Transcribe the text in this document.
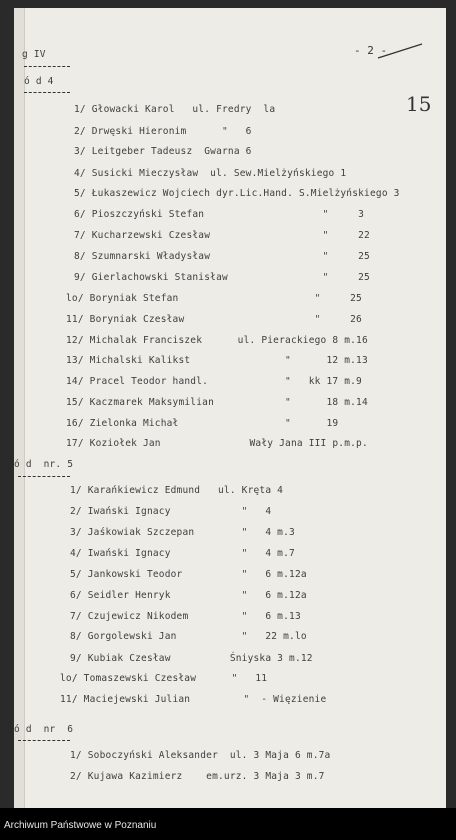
g IV	- 2 -
15
ó d 4
ó d  nr. 5
ó d  nr  6
1/ Głowacki Karol   ul. Fredry  la
2/ Drwęski Hieronim      "   6
3/ Leitgeber Tadeusz  Gwarna 6
4/ Susicki Mieczysław  ul. Sew.Mielżyńskiego 1
5/ Łukaszewicz Wojciech dyr.Lic.Hand. S.Mielżyńskiego 3
6/ Pioszczyński Stefan                    "     3
7/ Kucharzewski Czesław                   "     22
8/ Szumnarski Władysław                   "     25
9/ Gierlachowski Stanisław                "     25
lo/ Boryniak Stefan                       "     25
11/ Boryniak Czesław                      "     26
12/ Michalak Franciszek      ul. Pierackiego 8 m.16
13/ Michalski Kalikst                "      12 m.13
14/ Pracel Teodor handl.             "   kk 17 m.9
15/ Kaczmarek Maksymilian            "      18 m.14
16/ Zielonka Michał                  "      19
17/ Koziołek Jan               Wały Jana III p.m.p.
1/ Karańkiewicz Edmund   ul. Kręta 4
2/ Iwański Ignacy            "   4
3/ Jaśkowiak Szczepan        "   4 m.3
4/ Iwański Ignacy            "   4 m.7
5/ Jankowski Teodor          "   6 m.12a
6/ Seidler Henryk            "   6 m.12a
7/ Czujewicz Nikodem         "   6 m.13
8/ Gorgolewski Jan           "   22 m.lo
9/ Kubiak Czesław          Śniyska 3 m.12
lo/ Tomaszewski Czesław      "   11
11/ Maciejewski Julian         "  - Więzienie
1/ Soboczyński Aleksander  ul. 3 Maja 6 m.7a
2/ Kujawa Kazimierz    em.urz. 3 Maja 3 m.7
Archiwum Państwowe w Poznaniu
